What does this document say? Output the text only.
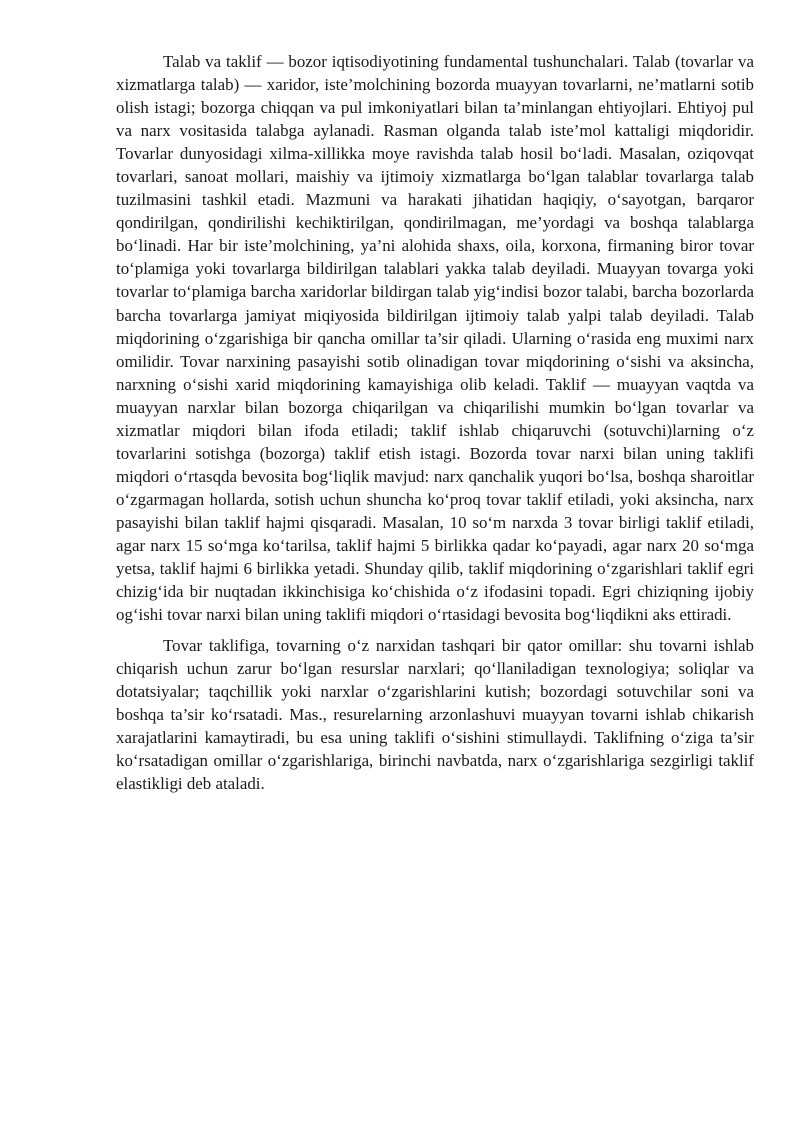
Talab va taklif — bozor iqtisodiyotining fundamental tushunchalari. Talab (tovarlar va xizmatlarga talab) — xaridor, iste’molchining bozorda muayyan tovarlarni, ne’matlarni sotib olish istagi; bozorga chiqqan va pul imkoniyatlari bilan ta’minlangan ehtiyojlari. Ehtiyoj pul va narx vositasida talabga aylanadi. Rasman olganda talab iste’mol kattaligi miqdoridir. Tovarlar dunyosidagi xilma-xillikka moye ravishda talab hosil bo‘ladi. Masalan, oziqovqat tovarlari, sanoat mollari, maishiy va ijtimoiy xizmatlarga bo‘lgan talablar tovarlarga talab tuzilmasini tashkil etadi. Mazmuni va harakati jihatidan haqiqiy, o‘sayotgan, barqaror qondirilgan, qondirilishi kechiktirilgan, qondirilmagan, me’yordagi va boshqa talablarga bo‘linadi. Har bir iste’molchining, ya’ni alohida shaxs, oila, korxona, firmaning biror tovar to‘plamiga yoki tovarlarga bildirilgan talablari yakka talab deyiladi. Muayyan tovarga yoki tovarlar to‘plamiga barcha xaridorlar bildirgan talab yig‘indisi bozor talabi, barcha bozorlarda barcha tovarlarga jamiyat miqiyosida bildirilgan ijtimoiy talab yalpi talab deyiladi. Talab miqdorining o‘zgarishiga bir qancha omillar ta’sir qiladi. Ularning o‘rasida eng muximi narx omilidir. Tovar narxining pasayishi sotib olinadigan tovar miqdorining o‘sishi va aksincha, narxning o‘sishi xarid miqdorining kamayishiga olib keladi. Taklif — muayyan vaqtda va muayyan narxlar bilan bozorga chiqarilgan va chiqarilishi mumkin bo‘lgan tovarlar va xizmatlar miqdori bilan ifoda etiladi; taklif ishlab chiqaruvchi (sotuvchi)larning o‘z tovarlarini sotishga (bozorga) taklif etish istagi. Bozorda tovar narxi bilan uning taklifi miqdori o‘rtasqda bevosita bog‘liqlik mavjud: narx qanchalik yuqori bo‘lsa, boshqa sharoitlar o‘zgarmagan hollarda, sotish uchun shuncha ko‘proq tovar taklif etiladi, yoki aksincha, narx pasayishi bilan taklif hajmi qisqaradi. Masalan, 10 so‘m narxda 3 tovar birligi taklif etiladi, agar narx 15 so‘mga ko‘tarilsa, taklif hajmi 5 birlikka qadar ko‘payadi, agar narx 20 so‘mga yetsa, taklif hajmi 6 birlikka yetadi. Shunday qilib, taklif miqdorining o‘zgarishlari taklif egri chizig‘ida bir nuqtadan ikkinchisiga ko‘chishida o‘z ifodasini topadi. Egri chiziqning ijobiy og‘ishi tovar narxi bilan uning taklifi miqdori o‘rtasidagi bevosita bog‘liqdikni aks ettiradi.

Tovar taklifiga, tovarning o‘z narxidan tashqari bir qator omillar: shu tovarni ishlab chiqarish uchun zarur bo‘lgan resurslar narxlari; qo‘llaniladigan texnologiya; soliqlar va dotatsiyalar; taqchillik yoki narxlar o‘zgarishlarini kutish; bozordagi sotuvchilar soni va boshqa ta’sir ko‘rsatadi. Mas., resurelarning arzonlashuvi muayyan tovarni ishlab chikarish xarajatlarini kamaytiradi, bu esa uning taklifi o‘sishini stimullaydi. Taklifning o‘ziga ta’sir ko‘rsatadigan omillar o‘zgarishlariga, birinchi navbatda, narx o‘zgarishlariga sezgirligi taklif elastikligi deb ataladi.
